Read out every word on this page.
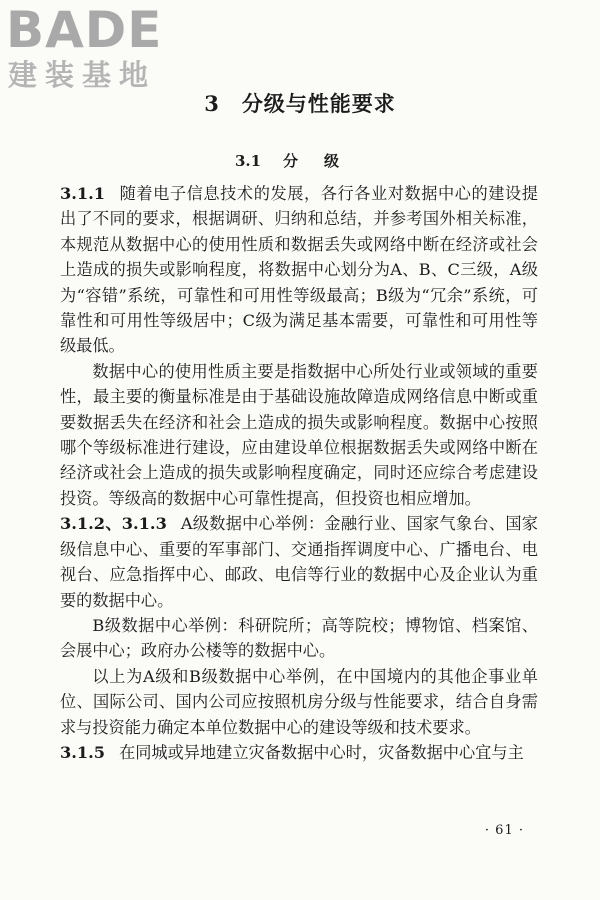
BADE
建装基地
3 分级与性能要求
3.1 分级

3.1.1 随着电子信息技术的发展，各行各业对数据中心的建设提出了不同的要求，根据调研、归纳和总结，并参考国外相关标准，本规范从数据中心的使用性质和数据丢失或网络中断在经济或社会上造成的损失或影响程度，将数据中心划分为A、B、C三级，A级为“容错”系统，可靠性和可用性等级最高；B级为“冗余”系统，可靠性和可用性等级居中；C级为满足基本需要，可靠性和可用性等级最低。

数据中心的使用性质主要是指数据中心所处行业或领域的重要性，最主要的衡量标准是由于基础设施故障造成网络信息中断或重要数据丢失在经济和社会上造成的损失或影响程度。数据中心按照哪个等级标准进行建设，应由建设单位根据数据丢失或网络中断在经济或社会上造成的损失或影响程度确定，同时还应综合考虑建设投资。等级高的数据中心可靠性提高，但投资也相应增加。

3.1.2、3.1.3 A级数据中心举例：金融行业、国家气象台、国家级信息中心、重要的军事部门、交通指挥调度中心、广播电台、电视台、应急指挥中心、邮政、电信等行业的数据中心及企业认为重要的数据中心。

B级数据中心举例：科研院所；高等院校；博物馆、档案馆、会展中心；政府办公楼等的数据中心。

以上为A级和B级数据中心举例，在中国境内的其他企事业单位、国际公司、国内公司应按照机房分级与性能要求，结合自身需求与投资能力确定本单位数据中心的建设等级和技术要求。

3.1.5 在同城或异地建立灾备数据中心时，灾备数据中心宜与主

· 61 ·
